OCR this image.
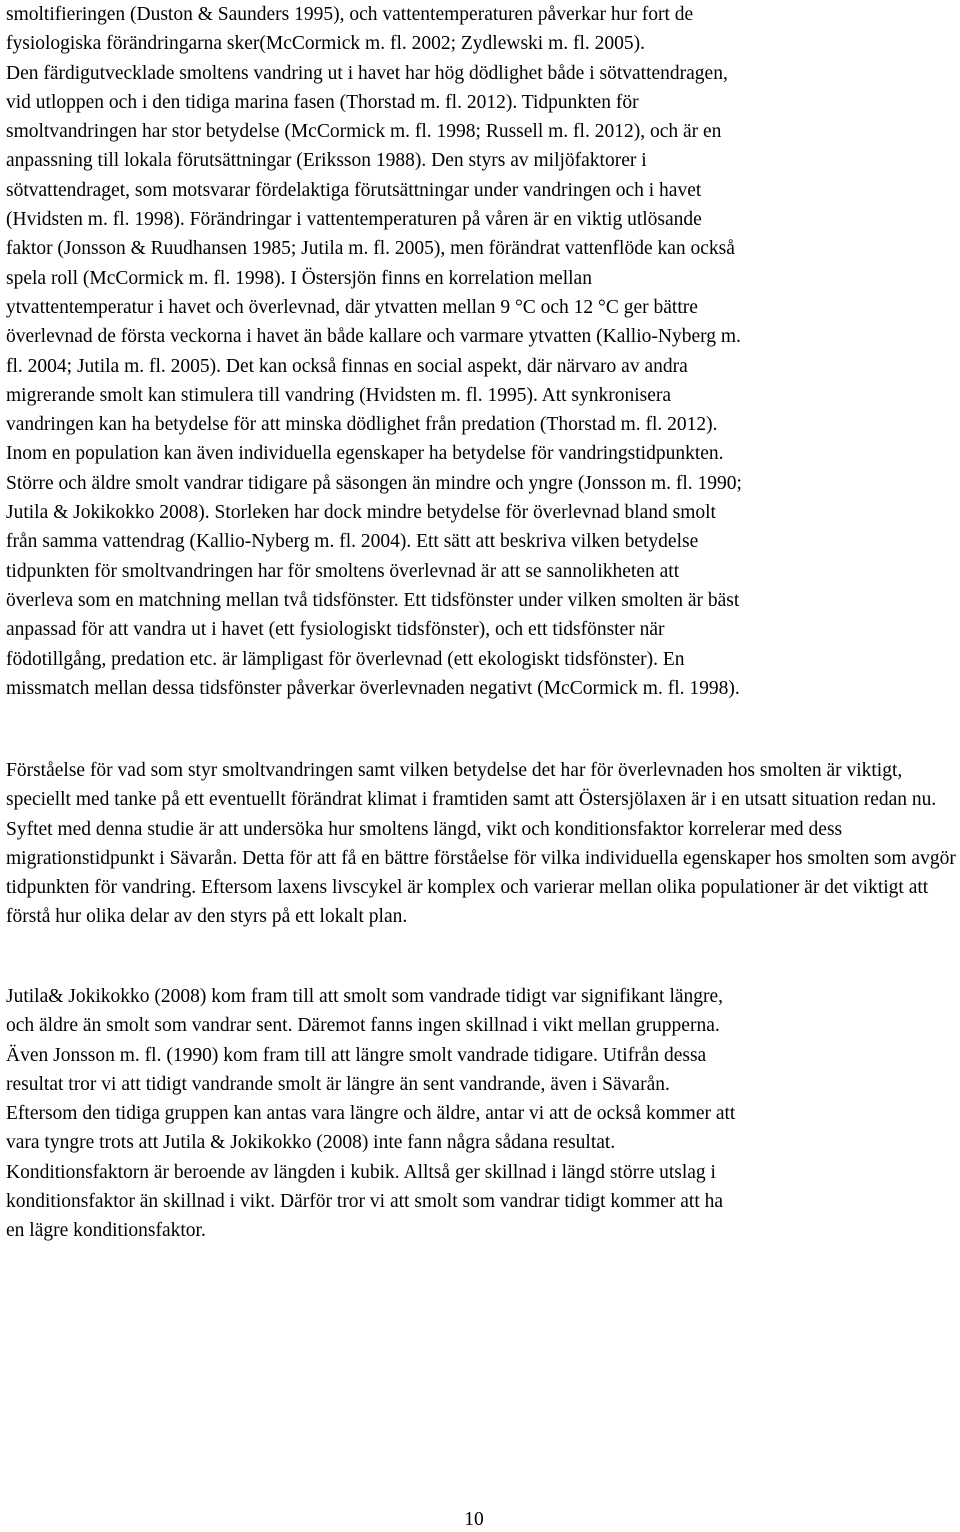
smoltifieringen (Duston & Saunders 1995), och vattentemperaturen påverkar hur fort de
fysiologiska förändringarna sker(McCormick m. fl. 2002; Zydlewski m. fl. 2005).
Den färdigutvecklade smoltens vandring ut i havet har hög dödlighet både i sötvattendragen,
vid utloppen och i den tidiga marina fasen (Thorstad m. fl. 2012). Tidpunkten för
smoltvandringen har stor betydelse (McCormick m. fl. 1998; Russell m. fl. 2012), och är en
anpassning till lokala förutsättningar (Eriksson 1988). Den styrs av miljöfaktorer i
sötvattendraget, som motsvarar fördelaktiga förutsättningar under vandringen och i havet
(Hvidsten m. fl. 1998). Förändringar i vattentemperaturen på våren är en viktig utlösande
faktor (Jonsson & Ruudhansen 1985; Jutila m. fl. 2005), men förändrat vattenflöde kan också
spela roll (McCormick m. fl. 1998). I Östersjön finns en korrelation mellan
ytvattentemperatur i havet och överlevnad, där ytvatten mellan 9 °C och 12 °C ger bättre
överlevnad de första veckorna i havet än både kallare och varmare ytvatten (Kallio-Nyberg m.
fl. 2004; Jutila m. fl. 2005). Det kan också finnas en social aspekt, där närvaro av andra
migrerande smolt kan stimulera till vandring (Hvidsten m. fl. 1995). Att synkronisera
vandringen kan ha betydelse för att minska dödlighet från predation (Thorstad m. fl. 2012).
Inom en population kan även individuella egenskaper ha betydelse för vandringstidpunkten.
Större och äldre smolt vandrar tidigare på säsongen än mindre och yngre (Jonsson m. fl. 1990;
Jutila & Jokikokko 2008). Storleken har dock mindre betydelse för överlevnad bland smolt
från samma vattendrag (Kallio-Nyberg m. fl. 2004). Ett sätt att beskriva vilken betydelse
tidpunkten för smoltvandringen har för smoltens överlevnad är att se sannolikheten att
överleva som en matchning mellan två tidsfönster. Ett tidsfönster under vilken smolten är bäst
anpassad för att vandra ut i havet (ett fysiologiskt tidsfönster), och ett tidsfönster när
födotillgång, predation etc. är lämpligast för överlevnad (ett ekologiskt tidsfönster). En
missmatch mellan dessa tidsfönster påverkar överlevnaden negativt (McCormick m. fl. 1998).

Förståelse för vad som styr smoltvandringen samt vilken betydelse det har för överlevnaden hos smolten är viktigt, speciellt med tanke på ett eventuellt förändrat klimat i framtiden samt att Östersjölaxen är i en utsatt situation redan nu. Syftet med denna studie är att undersöka hur smoltens längd, vikt och konditionsfaktor korrelerar med dess migrationstidpunkt i Sävarån. Detta för att få en bättre förståelse för vilka individuella egenskaper hos smolten som avgör tidpunkten för vandring. Eftersom laxens livscykel är komplex och varierar mellan olika populationer är det viktigt att förstå hur olika delar av den styrs på ett lokalt plan.

Jutila& Jokikokko (2008) kom fram till att smolt som vandrade tidigt var signifikant längre,
och äldre än smolt som vandrar sent. Däremot fanns ingen skillnad i vikt mellan grupperna.
Även Jonsson m. fl. (1990) kom fram till att längre smolt vandrade tidigare. Utifrån dessa
resultat tror vi att tidigt vandrande smolt är längre än sent vandrande, även i Sävarån.
Eftersom den tidiga gruppen kan antas vara längre och äldre, antar vi att de också kommer att
vara tyngre trots att Jutila & Jokikokko (2008) inte fann några sådana resultat.
Konditionsfaktorn är beroende av längden i kubik. Alltså ger skillnad i längd större utslag i
konditionsfaktor än skillnad i vikt. Därför tror vi att smolt som vandrar tidigt kommer att ha
en lägre konditionsfaktor.

10
